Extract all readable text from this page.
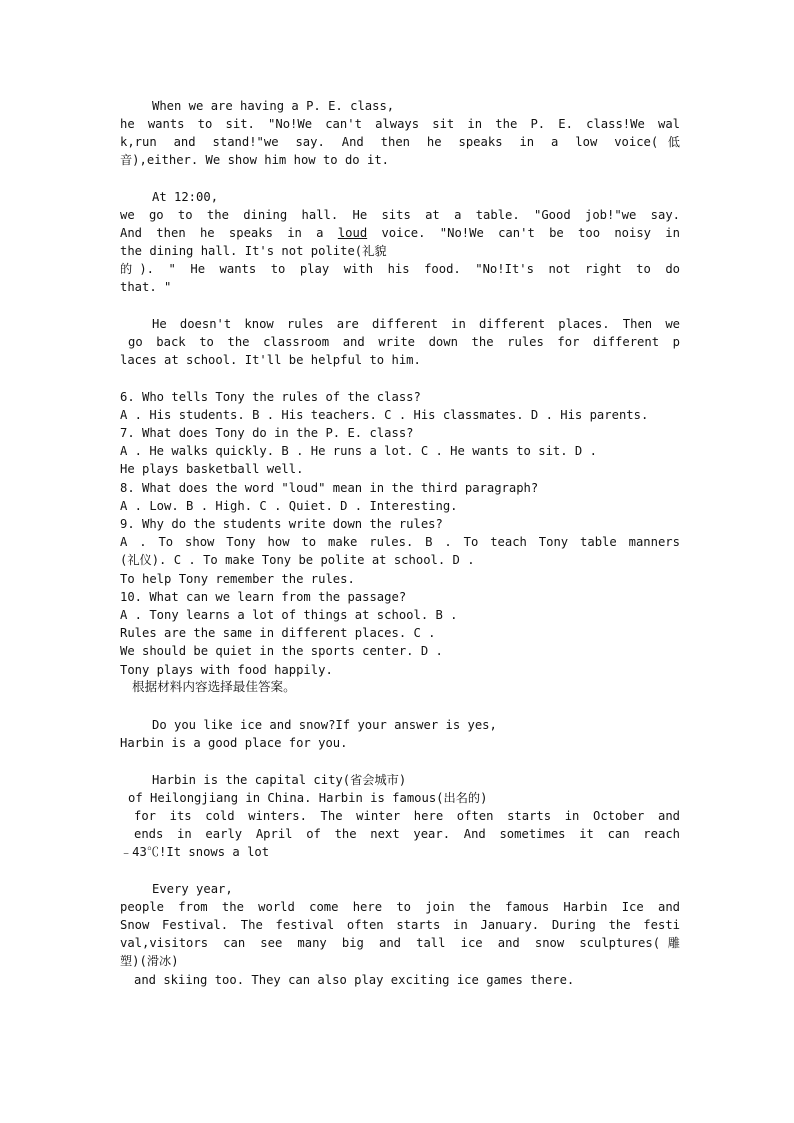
When we are having a P. E. class,
he wants to sit. "No!We can't always sit in the P. E. class!We wal
k,run and stand!"we say. And then he speaks in a low voice(低
音),either. We show him how to do it.
At 12:00,
we go to the dining hall. He sits at a table. "Good job!"we say.
And then he speaks in a loud voice. "No!We can't be too noisy in
the dining hall. It's not polite(礼貌
的). " He wants to play with his food. "No!It's not right to do
that. "
He doesn't know rules are different in different places. Then we
go back to the classroom and write down the rules for different p
laces at school. It'll be helpful to him.
6. Who tells Tony the rules of the class?
A . His students. B . His teachers. C . His classmates. D . His parents.
7. What does Tony do in the P. E. class?
A . He walks quickly. B . He runs a lot. C . He wants to sit. D .
He plays basketball well.
8. What does the word "loud" mean in the third paragraph?
A . Low. B . High. C . Quiet. D . Interesting.
9. Why do the students write down the rules?
A . To show Tony how to make rules. B . To teach Tony table manners
(礼仪). C . To make Tony be polite at school. D .
To help Tony remember the rules.
10. What can we learn from the passage?
A . Tony learns a lot of things at school. B .
Rules are the same in different places. C .
We should be quiet in the sports center. D .
Tony plays with food happily.
根据材料内容选择最佳答案。
Do you like ice and snow?If your answer is yes,
Harbin is a good place for you.
Harbin is the capital city(省会城市)
of Heilongjiang in China. Harbin is famous(出名的)
for its cold winters. The winter here often starts in October and
ends in early April of the next year. And sometimes it can reach
﹣43℃!It snows a lot
Every year,
people from the world come here to join the famous Harbin Ice and
Snow Festival. The festival often starts in January. During the festi
val,visitors can see many big and tall ice and snow sculptures(雕
塑)(滑冰)
and skiing too. They can also play exciting ice games there.
